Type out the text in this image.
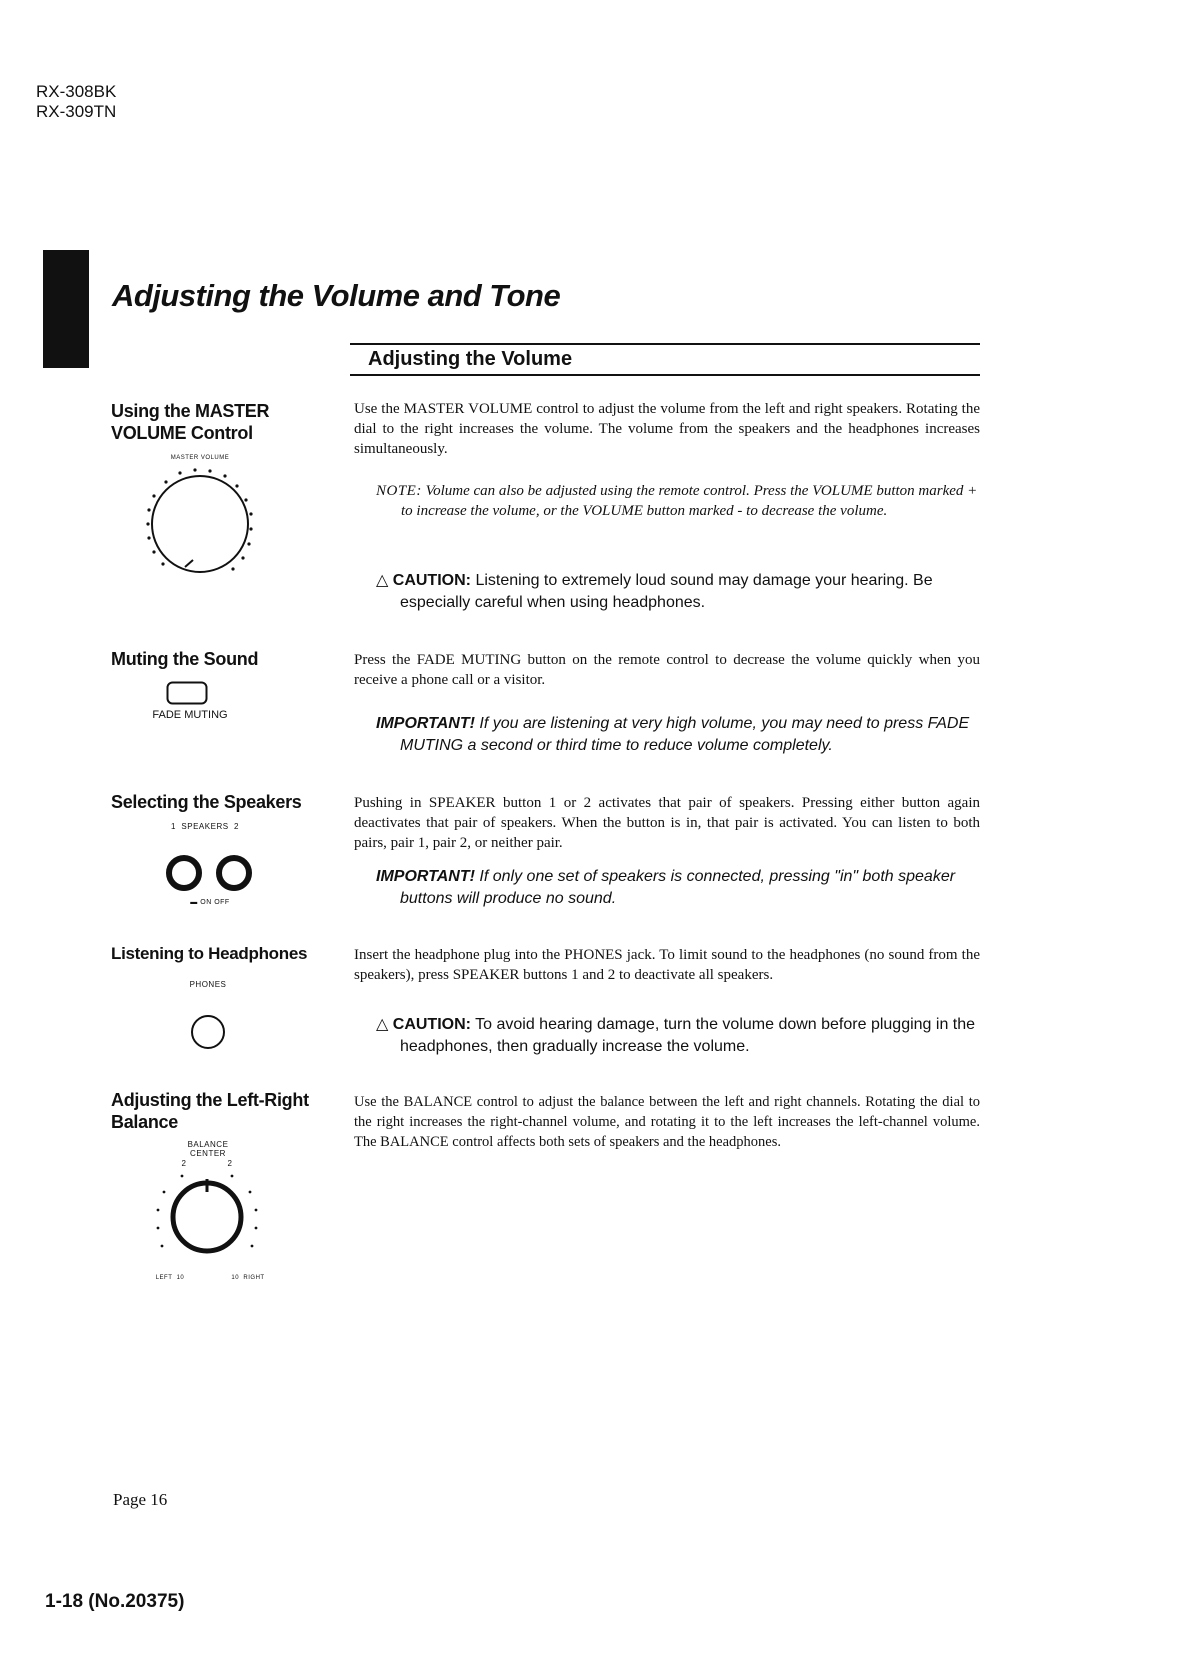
RX-308BK
RX-309TN
Adjusting the Volume and Tone
Adjusting the Volume
Using the MASTER
VOLUME Control
MASTER VOLUME
Use the MASTER VOLUME control to adjust the volume from the left and right speakers. Rotating the dial to the right increases the volume. The volume from the speakers and the headphones increases simultaneously.
NOTE: Volume can also be adjusted using the remote control. Press the VOLUME button marked + to increase the volume, or the VOLUME button marked - to decrease the volume.
△ CAUTION: Listening to extremely loud sound may damage your hearing. Be especially careful when using headphones.
Muting the Sound
FADE MUTING
Press the FADE MUTING button on the remote control to decrease the volume quickly when you receive a phone call or a visitor.
IMPORTANT! If you are listening at very high volume, you may need to press FADE MUTING a second or third time to reduce volume completely.
Selecting the Speakers
1  SPEAKERS  2
▬ ON OFF
Pushing in SPEAKER button 1 or 2 activates that pair of speakers. Pressing either button again deactivates that pair of speakers. When the button is in, that pair is activated. You can listen to both pairs, pair 1, pair 2, or neither pair.
IMPORTANT! If only one set of speakers is connected, pressing "in" both speaker buttons will produce no sound.
Listening to Headphones
PHONES
Insert the headphone plug into the PHONES jack. To limit sound to the headphones (no sound from the speakers), press SPEAKER buttons 1 and 2 to deactivate all speakers.
△ CAUTION: To avoid hearing damage, turn the volume down before plugging in the headphones, then gradually increase the volume.
Adjusting the Left-Right
Balance
BALANCE
CENTER
2	2
LEFT  10	10  RIGHT
Use the BALANCE control to adjust the balance between the left and right channels. Rotating the dial to the right increases the right-channel volume, and rotating it to the left increases the left-channel volume. The BALANCE control affects both sets of speakers and the headphones.
Page 16
1-18 (No.20375)
